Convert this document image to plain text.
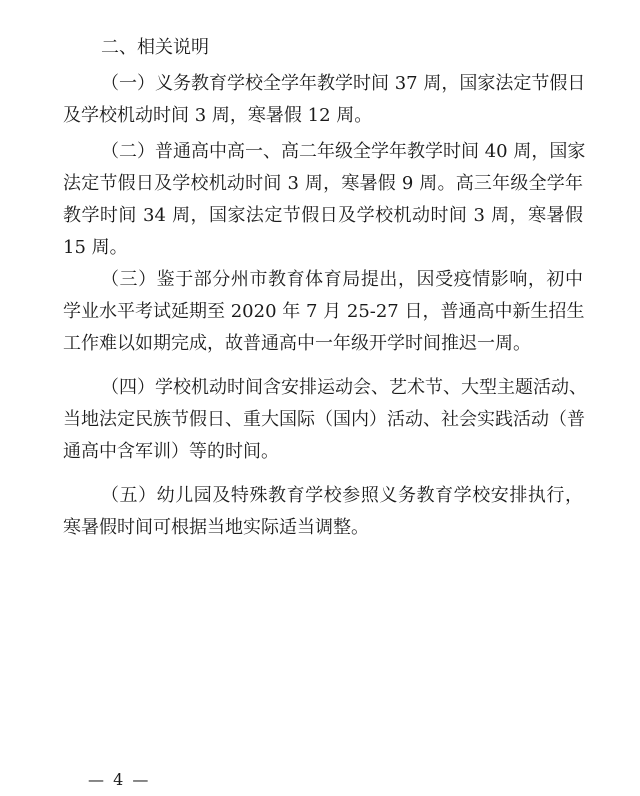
二、相关说明
（一）义务教育学校全学年教学时间 37 周，国家法定节假日
及学校机动时间 3 周，寒暑假 12 周。
（二）普通高中高一、高二年级全学年教学时间 40 周，国家
法定节假日及学校机动时间 3 周，寒暑假 9 周。高三年级全学年
教学时间 34 周，国家法定节假日及学校机动时间 3 周，寒暑假
15 周。
（三）鉴于部分州市教育体育局提出，因受疫情影响，初中
学业水平考试延期至 2020 年 7 月 25-27 日，普通高中新生招生
工作难以如期完成，故普通高中一年级开学时间推迟一周。
（四）学校机动时间含安排运动会、艺术节、大型主题活动、
当地法定民族节假日、重大国际（国内）活动、社会实践活动（普
通高中含军训）等的时间。
（五）幼儿园及特殊教育学校参照义务教育学校安排执行，
寒暑假时间可根据当地实际适当调整。
— 4 —
